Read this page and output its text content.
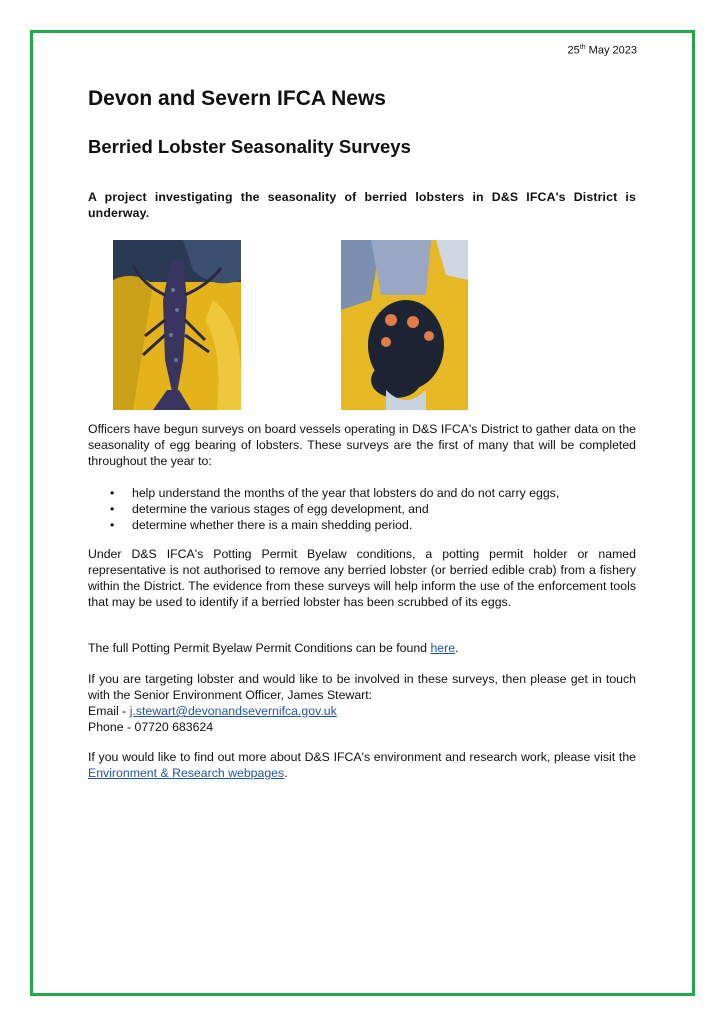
25th May 2023
Devon and Severn IFCA News
Berried Lobster Seasonality Surveys
A project investigating the seasonality of berried lobsters in D&S IFCA's District is underway.

Officers have begun surveys on board vessels operating in D&S IFCA's District to gather data on the seasonality of egg bearing of lobsters. These surveys are the first of many that will be completed throughout the year to:

• help understand the months of the year that lobsters do and do not carry eggs,
• determine the various stages of egg development, and
• determine whether there is a main shedding period.

Under D&S IFCA's Potting Permit Byelaw conditions, a potting permit holder or named representative is not authorised to remove any berried lobster (or berried edible crab) from a fishery within the District. The evidence from these surveys will help inform the use of the enforcement tools that may be used to identify if a berried lobster has been scrubbed of its eggs.

The full Potting Permit Byelaw Permit Conditions can be found here.

If you are targeting lobster and would like to be involved in these surveys, then please get in touch with the Senior Environment Officer, James Stewart:
Email - j.stewart@devonandsevernifca.gov.uk
Phone - 07720 683624

If you would like to find out more about D&S IFCA's environment and research work, please visit the Environment & Research webpages.
